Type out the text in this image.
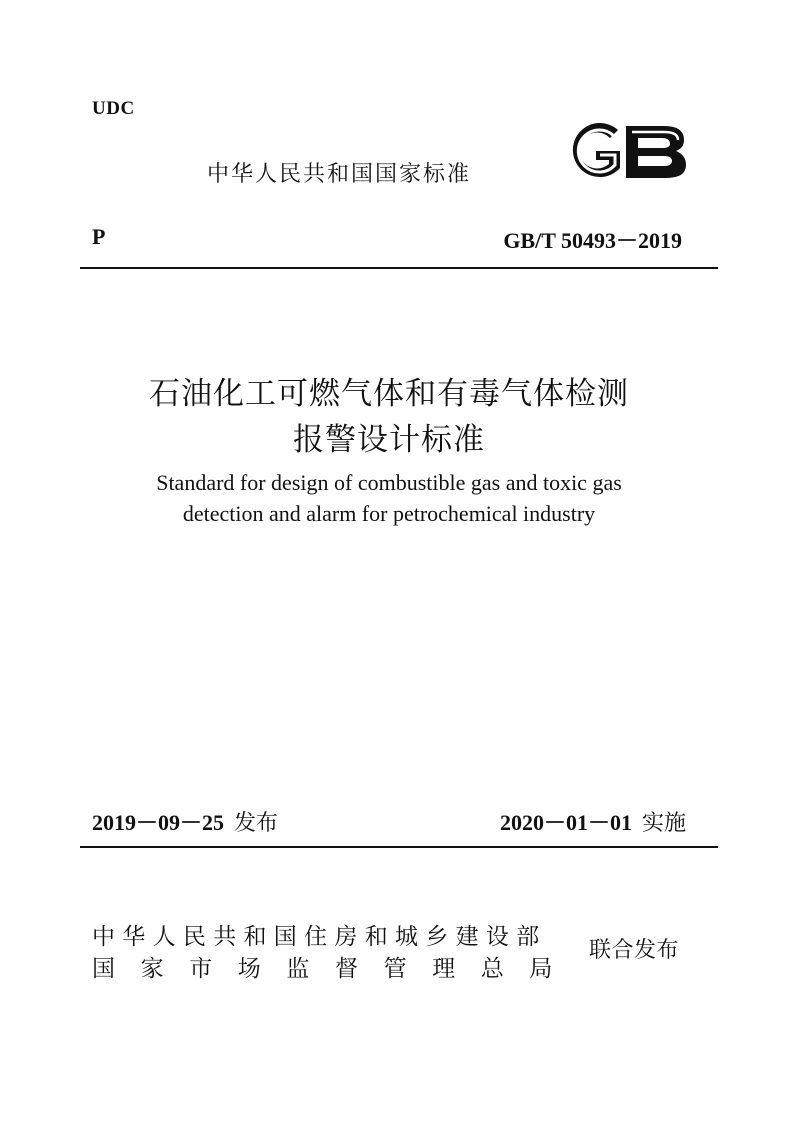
UDC
中华人民共和国国家标准
P	GB/T 50493－2019
石油化工可燃气体和有毒气体检测
报警设计标准
Standard for design of combustible gas and toxic gas
detection and alarm for petrochemical industry
2019－09－25 发布	2020－01－01 实施
中华人民共和国住房和城乡建设部
国家市场监督管理总局
联合发布
